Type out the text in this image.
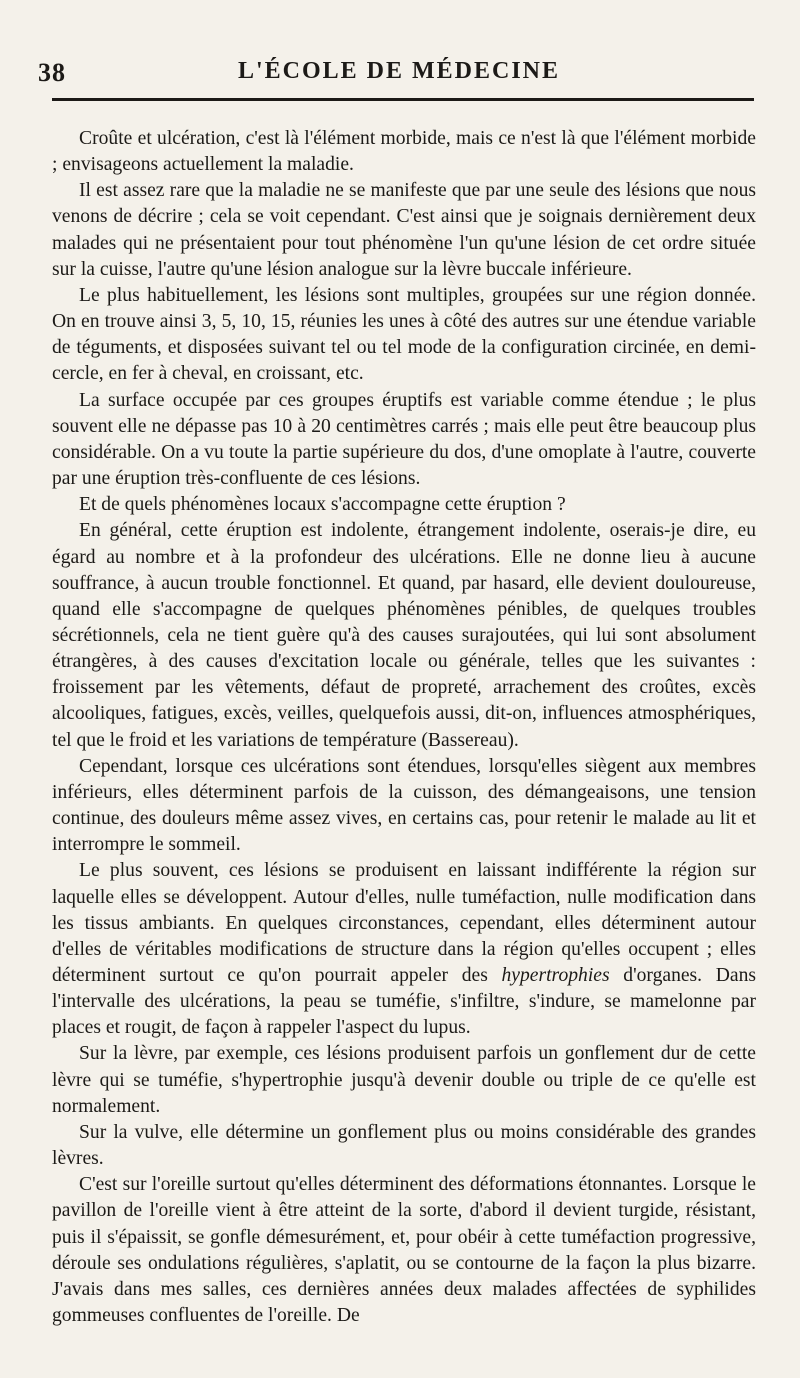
38	L'ÉCOLE DE MÉDECINE

Croûte et ulcération, c'est là l'élément morbide, mais ce n'est là que l'élément morbide ; envisageons actuellement la maladie.

Il est assez rare que la maladie ne se manifeste que par une seule des lésions que nous venons de décrire ; cela se voit cependant. C'est ainsi que je soignais dernièrement deux malades qui ne présentaient pour tout phénomène l'un qu'une lésion de cet ordre située sur la cuisse, l'autre qu'une lésion analogue sur la lèvre buccale inférieure.

Le plus habituellement, les lésions sont multiples, groupées sur une région donnée. On en trouve ainsi 3, 5, 10, 15, réunies les unes à côté des autres sur une étendue variable de téguments, et disposées suivant tel ou tel mode de la configuration circinée, en demi-cercle, en fer à cheval, en croissant, etc.

La surface occupée par ces groupes éruptifs est variable comme étendue ; le plus souvent elle ne dépasse pas 10 à 20 centimètres carrés ; mais elle peut être beaucoup plus considérable. On a vu toute la partie supérieure du dos, d'une omoplate à l'autre, couverte par une éruption très-confluente de ces lésions.

Et de quels phénomènes locaux s'accompagne cette éruption ?

En général, cette éruption est indolente, étrangement indolente, oserais-je dire, eu égard au nombre et à la profondeur des ulcérations. Elle ne donne lieu à aucune souffrance, à aucun trouble fonctionnel. Et quand, par hasard, elle devient douloureuse, quand elle s'accompagne de quelques phénomènes pénibles, de quelques troubles sécrétionnels, cela ne tient guère qu'à des causes surajoutées, qui lui sont absolument étrangères, à des causes d'excitation locale ou générale, telles que les suivantes : froissement par les vêtements, défaut de propreté, arrachement des croûtes, excès alcooliques, fatigues, excès, veilles, quelquefois aussi, dit-on, influences atmosphériques, tel que le froid et les variations de température (Bassereau).

Cependant, lorsque ces ulcérations sont étendues, lorsqu'elles siègent aux membres inférieurs, elles déterminent parfois de la cuisson, des démangeaisons, une tension continue, des douleurs même assez vives, en certains cas, pour retenir le malade au lit et interrompre le sommeil.

Le plus souvent, ces lésions se produisent en laissant indifférente la région sur laquelle elles se développent. Autour d'elles, nulle tuméfaction, nulle modification dans les tissus ambiants. En quelques circonstances, cependant, elles déterminent autour d'elles de véritables modifications de structure dans la région qu'elles occupent ; elles déterminent surtout ce qu'on pourrait appeler des hypertrophies d'organes. Dans l'intervalle des ulcérations, la peau se tuméfie, s'infiltre, s'indure, se mamelonne par places et rougit, de façon à rappeler l'aspect du lupus.

Sur la lèvre, par exemple, ces lésions produisent parfois un gonflement dur de cette lèvre qui se tuméfie, s'hypertrophie jusqu'à devenir double ou triple de ce qu'elle est normalement.

Sur la vulve, elle détermine un gonflement plus ou moins considérable des grandes lèvres.

C'est sur l'oreille surtout qu'elles déterminent des déformations étonnantes. Lorsque le pavillon de l'oreille vient à être atteint de la sorte, d'abord il devient turgide, résistant, puis il s'épaissit, se gonfle démesurément, et, pour obéir à cette tuméfaction progressive, déroule ses ondulations régulières, s'aplatit, ou se contourne de la façon la plus bizarre. J'avais dans mes salles, ces dernières années deux malades affectées de syphilides gommeuses confluentes de l'oreille. De
